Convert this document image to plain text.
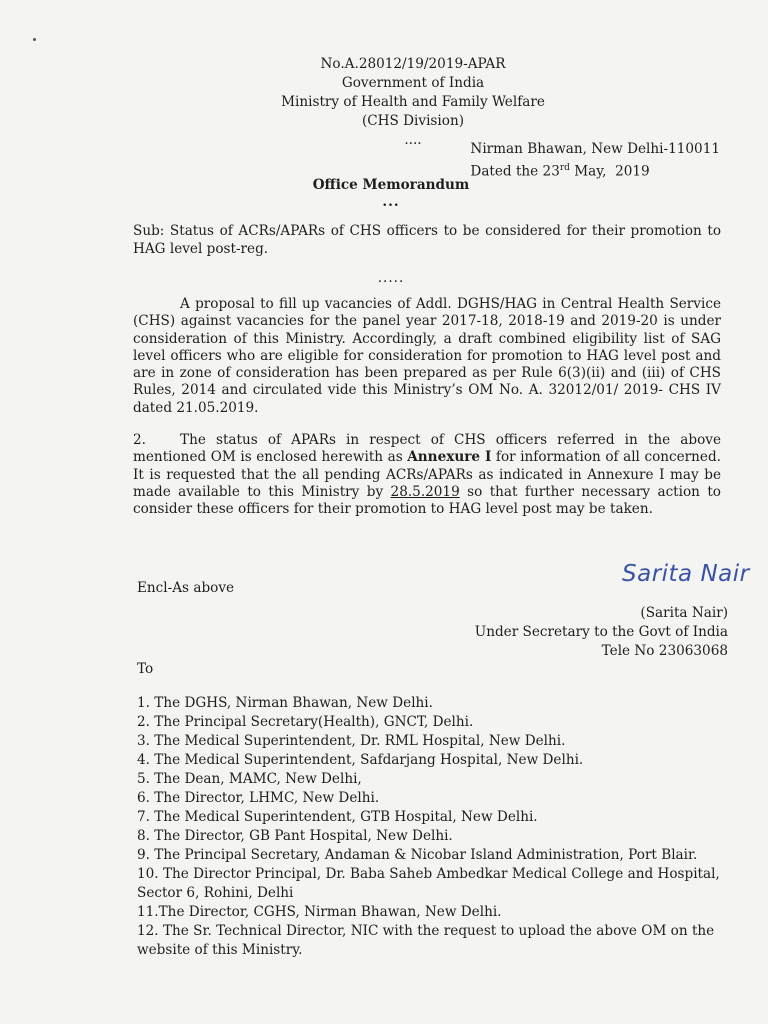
No.A.28012/19/2019-APAR
Government of India
Ministry of Health and Family Welfare
(CHS Division)
....
Nirman Bhawan, New Delhi-110011
Dated the 23rd May,  2019
Office Memorandum
...
Sub: Status of ACRs/APARs of CHS officers to be considered for their promotion to HAG level post-reg.
.....
A proposal to fill up vacancies of Addl. DGHS/HAG in Central Health Service (CHS) against vacancies for the panel year 2017-18, 2018-19 and 2019-20 is under consideration of this Ministry. Accordingly, a draft combined eligibility list of SAG level officers who are eligible for consideration for promotion to HAG level post and are in zone of consideration has been prepared as per Rule 6(3)(ii) and (iii) of CHS Rules, 2014 and circulated vide this Ministry’s OM No. A. 32012/01/ 2019- CHS IV dated 21.05.2019.
2.	The status of APARs in respect of CHS officers referred in the above mentioned OM is enclosed herewith as Annexure I for information of all concerned. It is requested that the all pending ACRs/APARs as indicated in Annexure I may be made available to this Ministry by 28.5.2019 so that further necessary action to consider these officers for their promotion to HAG level post may be taken.
Encl-As above
Sarita Nair
(Sarita Nair)
Under Secretary to the Govt of India
Tele No 23063068
To
1. The DGHS, Nirman Bhawan, New Delhi.
2. The Principal Secretary(Health), GNCT, Delhi.
3. The Medical Superintendent, Dr. RML Hospital, New Delhi.
4. The Medical Superintendent, Safdarjang Hospital, New Delhi.
5. The Dean, MAMC, New Delhi,
6. The Director, LHMC, New Delhi.
7. The Medical Superintendent, GTB Hospital, New Delhi.
8. The Director, GB Pant Hospital, New Delhi.
9. The Principal Secretary, Andaman & Nicobar Island Administration, Port Blair.
10. The Director Principal, Dr. Baba Saheb Ambedkar Medical College and Hospital, Sector 6, Rohini, Delhi
11.The Director, CGHS, Nirman Bhawan, New Delhi.
12. The Sr. Technical Director, NIC with the request to upload the above OM on the website of this Ministry.
